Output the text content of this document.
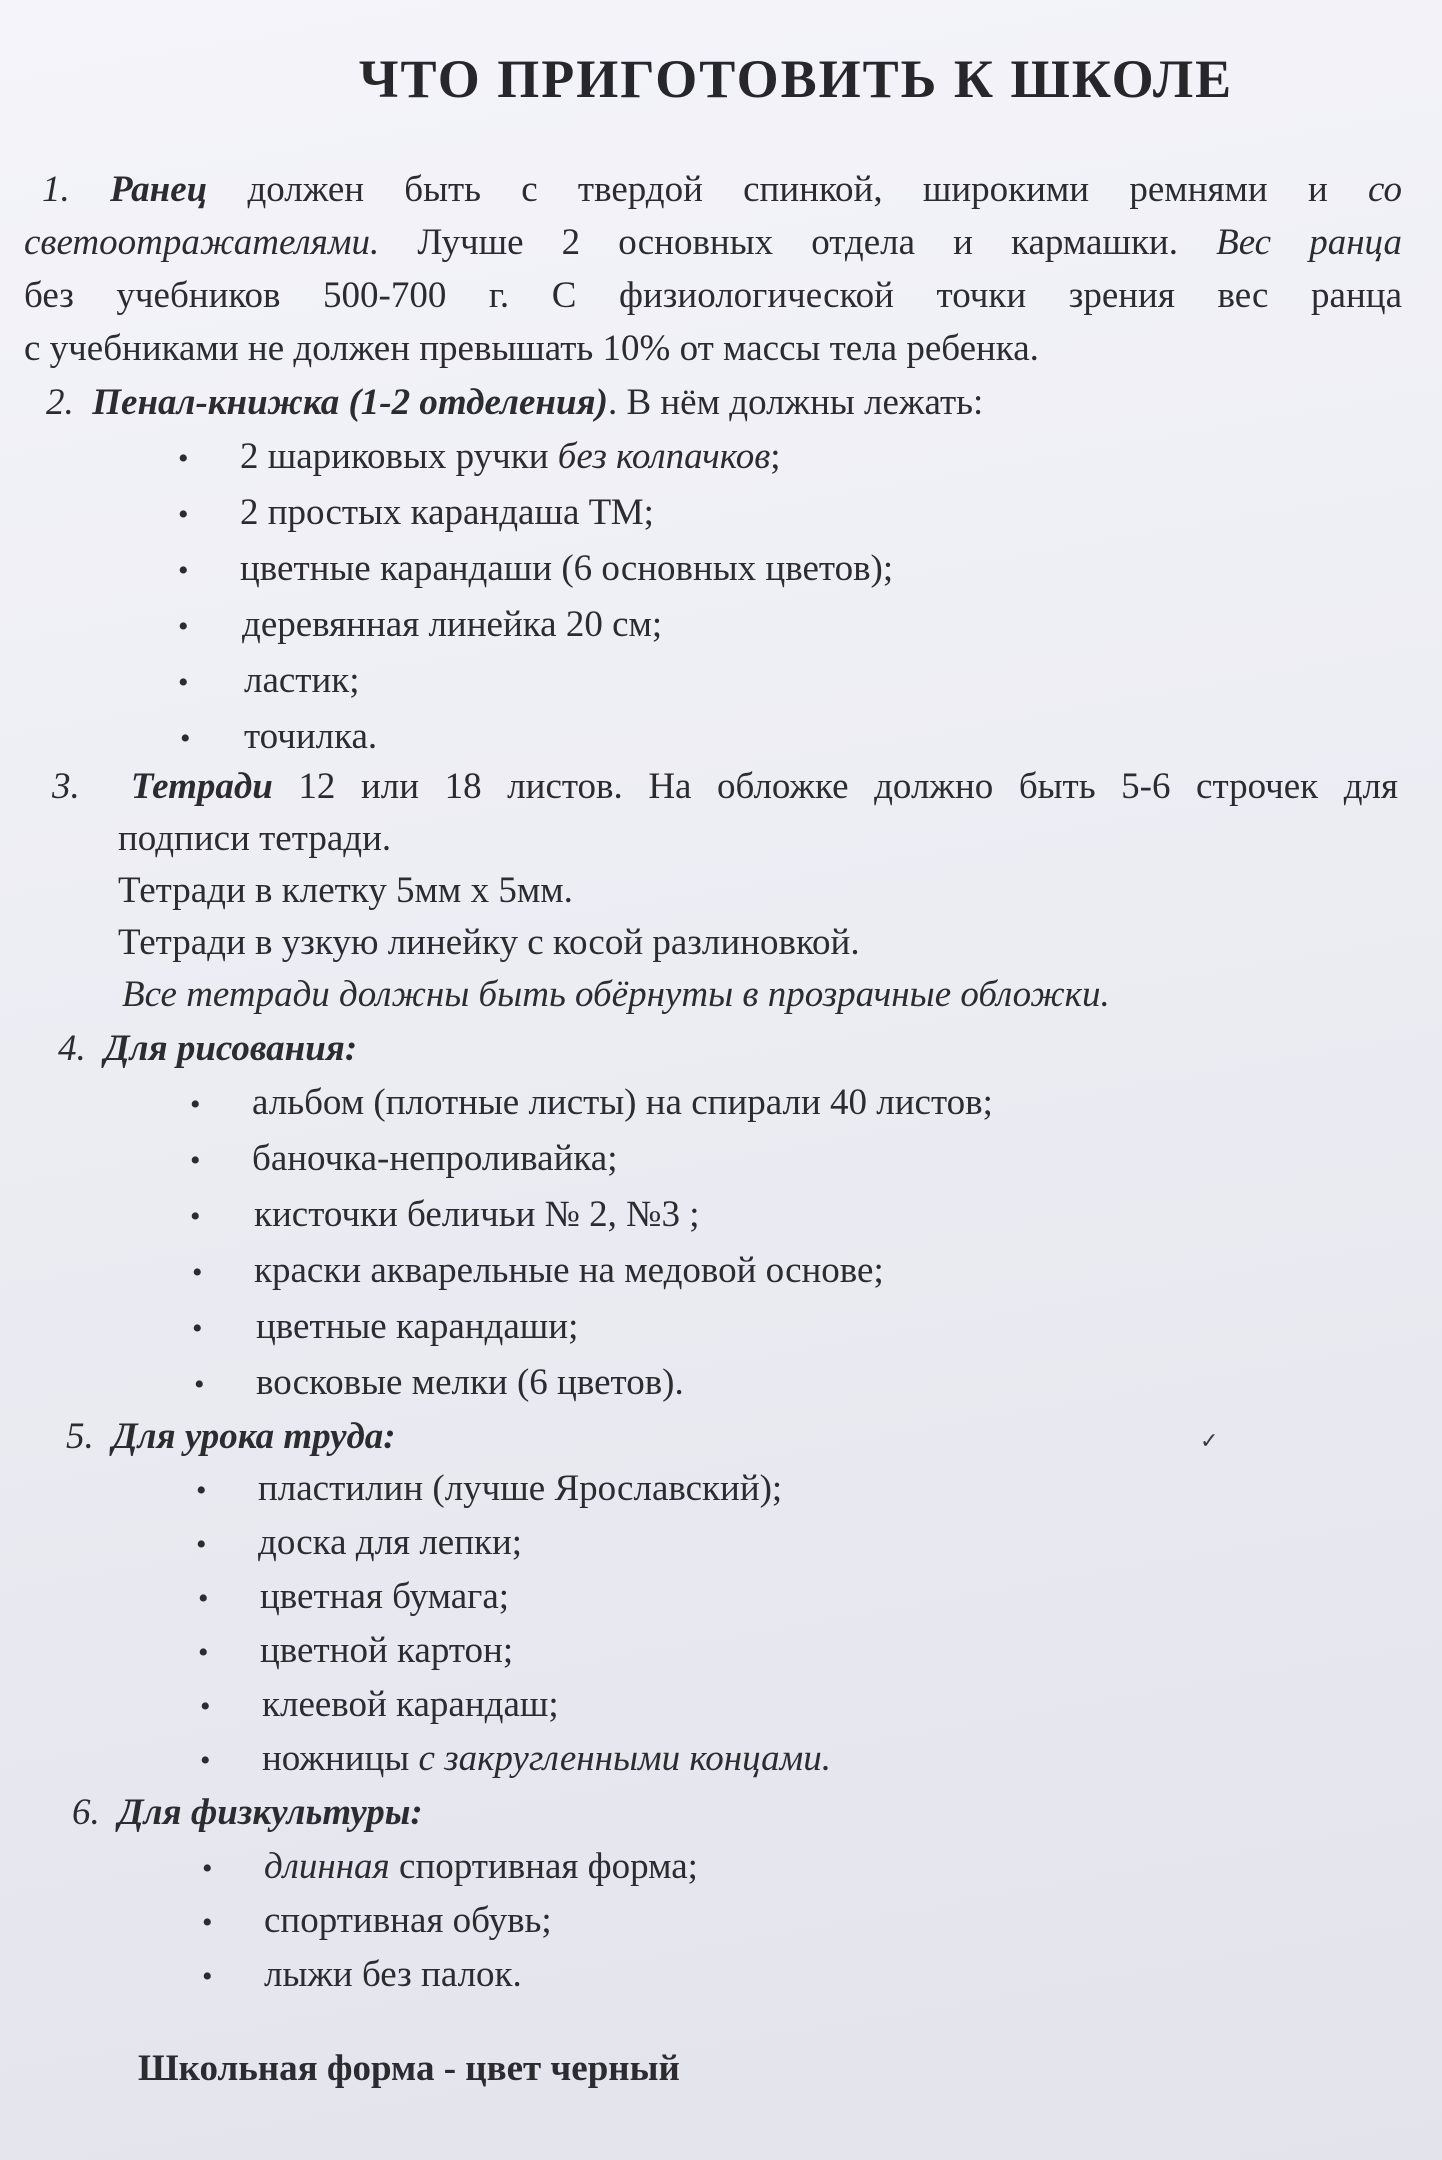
ЧТО ПРИГОТОВИТЬ К ШКОЛЕ
1. Ранец должен быть с твердой спинкой, широкими ремнями и со
светоотражателями. Лучше 2 основных отдела и кармашки. Вес ранца
без учебников 500-700 г. С физиологической точки зрения вес ранца
с учебниками не должен превышать 10% от массы тела ребенка.
2. Пенал-книжка (1-2 отделения). В нём должны лежать:
• 2 шариковых ручки без колпачков;
• 2 простых карандаша ТМ;
• цветные карандаши (6 основных цветов);
• деревянная линейка 20 см;
• ластик;
• точилка.
3. Тетради 12 или 18 листов. На обложке должно быть 5-6 строчек для
подписи тетради.
Тетради в клетку 5мм х 5мм.
Тетради в узкую линейку с косой разлиновкой.
Все тетради должны быть обёрнуты в прозрачные обложки.
4. Для рисования:
• альбом (плотные листы) на спирали 40 листов;
• баночка-непроливайка;
• кисточки беличьи № 2, №3 ;
• краски акварельные на медовой основе;
• цветные карандаши;
• восковые мелки (6 цветов).
5. Для урока труда:	✓
• пластилин (лучше Ярославский);
• доска для лепки;
• цветная бумага;
• цветной картон;
• клеевой карандаш;
• ножницы с закругленными концами.
6. Для физкультуры:
• длинная спортивная форма;
• спортивная обувь;
• лыжи без палок.
Школьная форма - цвет черный
